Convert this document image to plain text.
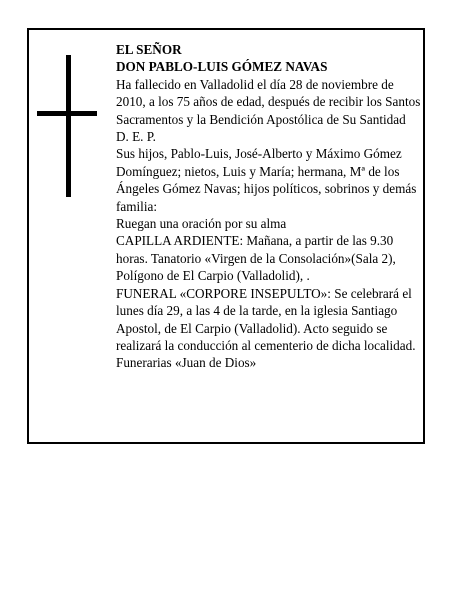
EL SEÑOR

DON PABLO-LUIS GÓMEZ NAVAS

Ha fallecido en Valladolid el día 28 de noviembre de 2010, a los 75 años de edad, después de recibir los Santos Sacramentos y la Bendición Apostólica de Su Santidad

D. E. P.

Sus hijos, Pablo-Luis, José-Alberto y Máximo Gómez Domínguez; nietos, Luis y María; hermana, Mª de los Ángeles Gómez Navas; hijos políticos, sobrinos y demás familia:

Ruegan una oración por su alma

CAPILLA ARDIENTE: Mañana, a partir de las 9.30 horas. Tanatorio «Virgen de la Consolación»(Sala 2), Polígono de El Carpio (Valladolid), .

FUNERAL «CORPORE INSEPULTO»: Se celebrará el lunes día 29, a las 4 de la tarde, en la iglesia Santiago Apostol, de El Carpio (Valladolid). Acto seguido se realizará la conducción al cementerio de dicha localidad.

Funerarias «Juan de Dios»
